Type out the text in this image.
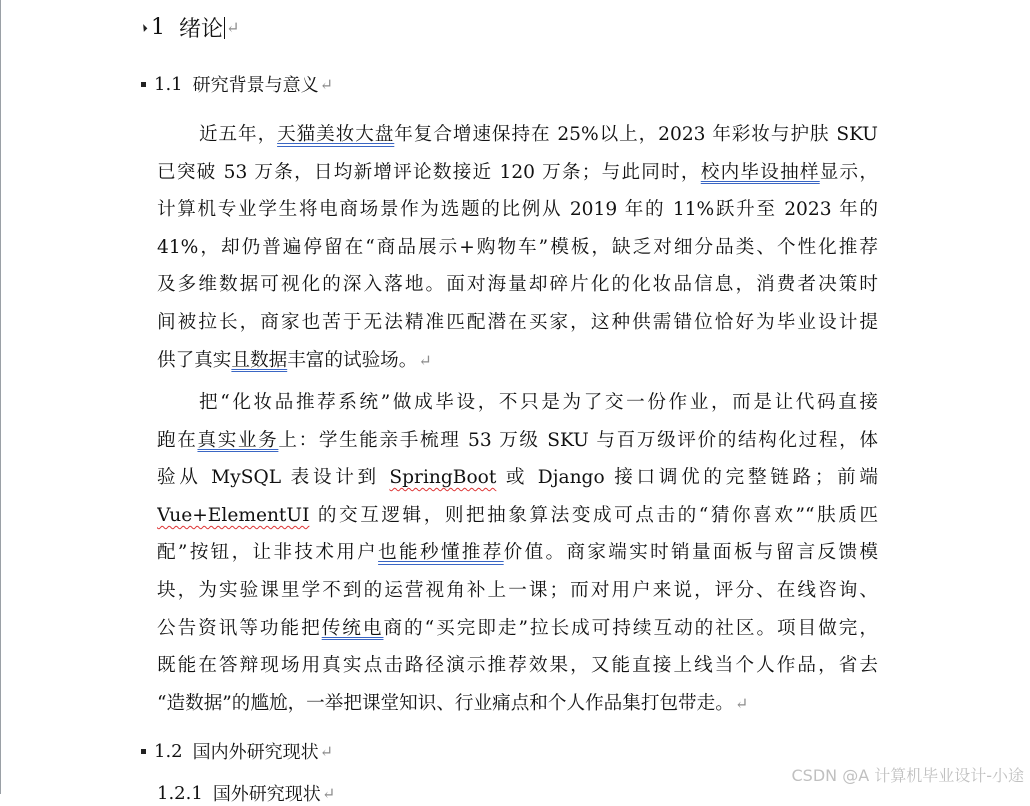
1 绪论 ↵
1.1 研究背景与意义 ↵
近五年，天猫美妆大盘年复合增速保持在 25%以上，2023 年彩妆与护肤 SKU
已突破 53 万条，日均新增评论数接近 120 万条；与此同时，校内毕设抽样显示，
计算机专业学生将电商场景作为选题的比例从 2019 年的 11%跃升至 2023 年的
41%，却仍普遍停留在“商品展示+购物车”模板，缺乏对细分品类、个性化推荐
及多维数据可视化的深入落地。面对海量却碎片化的化妆品信息，消费者决策时
间被拉长，商家也苦于无法精准匹配潜在买家，这种供需错位恰好为毕业设计提
供了真实且数据丰富的试验场。↵
把“化妆品推荐系统”做成毕设，不只是为了交一份作业，而是让代码直接
跑在真实业务上：学生能亲手梳理 53 万级 SKU 与百万级评价的结构化过程，体
验从 MySQL 表设计到 SpringBoot 或 Django 接口调优的完整链路；前端
Vue+ElementUI 的交互逻辑，则把抽象算法变成可点击的“猜你喜欢”“肤质匹
配”按钮，让非技术用户也能秒懂推荐价值。商家端实时销量面板与留言反馈模
块，为实验课里学不到的运营视角补上一课；而对用户来说，评分、在线咨询、
公告资讯等功能把传统电商的“买完即走”拉长成可持续互动的社区。项目做完，
既能在答辩现场用真实点击路径演示推荐效果，又能直接上线当个人作品，省去
“造数据”的尴尬，一举把课堂知识、行业痛点和个人作品集打包带走。↵
1.2 国内外研究现状 ↵
1.2.1 国外研究现状 ↵
CSDN @A 计算机毕业设计-小途
